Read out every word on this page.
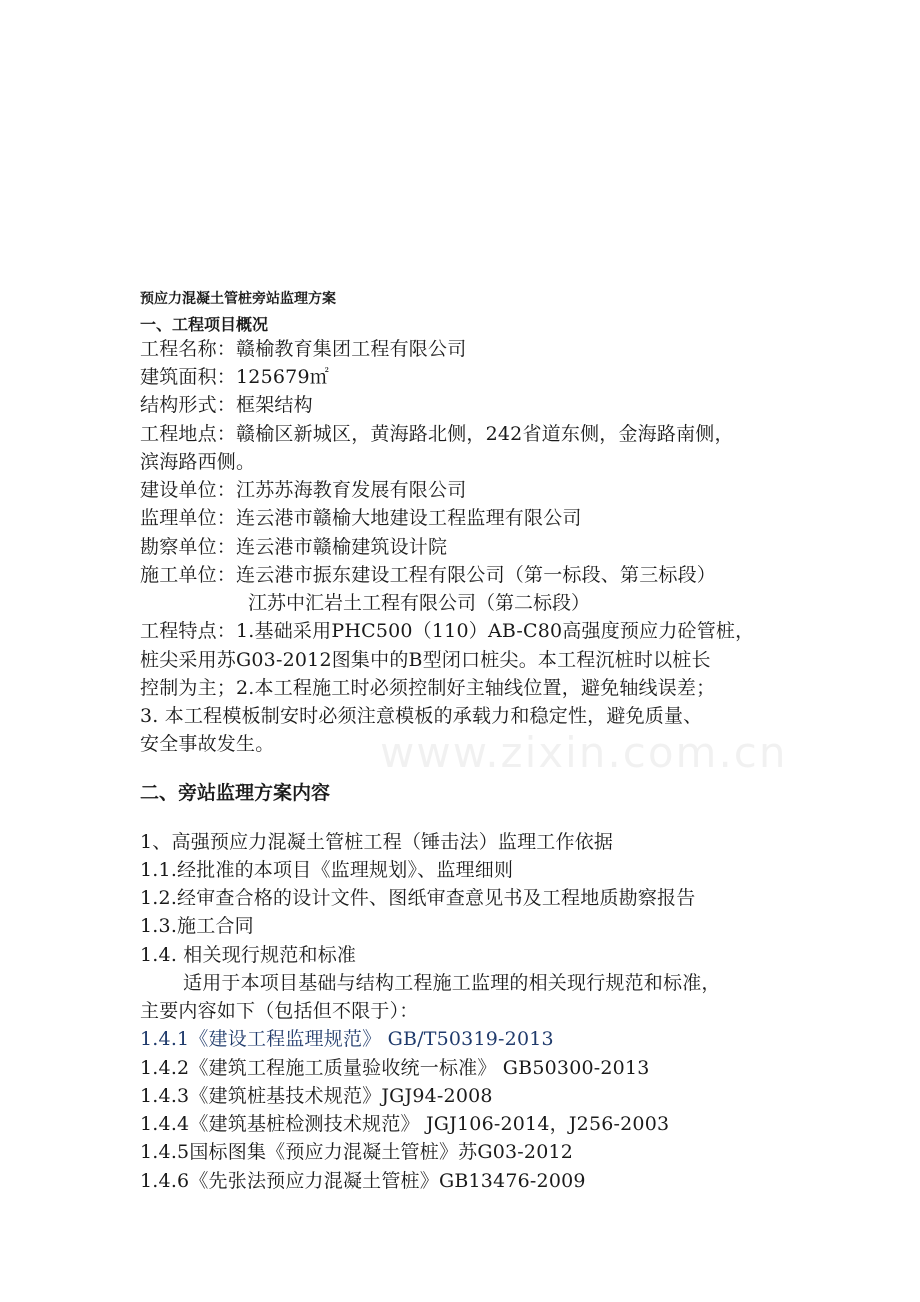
预应力混凝土管桩旁站监理方案
一、工程项目概况
工程名称：赣榆教育集团工程有限公司
建筑面积：125679㎡
结构形式：框架结构
工程地点：赣榆区新城区，黄海路北侧，242省道东侧，金海路南侧，
滨海路西侧。
建设单位：江苏苏海教育发展有限公司
监理单位：连云港市赣榆大地建设工程监理有限公司
勘察单位：连云港市赣榆建筑设计院
施工单位：连云港市振东建设工程有限公司（第一标段、第三标段）
江苏中汇岩土工程有限公司（第二标段）
工程特点：1.基础采用PHC500（110）AB-C80高强度预应力砼管桩，
桩尖采用苏G03-2012图集中的B型闭口桩尖。本工程沉桩时以桩长
控制为主；2.本工程施工时必须控制好主轴线位置，避免轴线误差；
3. 本工程模板制安时必须注意模板的承载力和稳定性，避免质量、
安全事故发生。	www.zixin.com.cn
二、旁站监理方案内容
1、高强预应力混凝土管桩工程（锤击法）监理工作依据
1.1.经批准的本项目《监理规划》、监理细则
1.2.经审查合格的设计文件、图纸审查意见书及工程地质勘察报告
1.3.施工合同
1.4. 相关现行规范和标准
适用于本项目基础与结构工程施工监理的相关现行规范和标准，
主要内容如下（包括但不限于）：
1.4.1《建设工程监理规范》 GB/T50319-2013
1.4.2《建筑工程施工质量验收统一标准》 GB50300-2013
1.4.3《建筑桩基技术规范》JGJ94-2008
1.4.4《建筑基桩检测技术规范》 JGJ106-2014，J256-2003
1.4.5国标图集《预应力混凝土管桩》苏G03-2012
1.4.6《先张法预应力混凝土管桩》GB13476-2009
